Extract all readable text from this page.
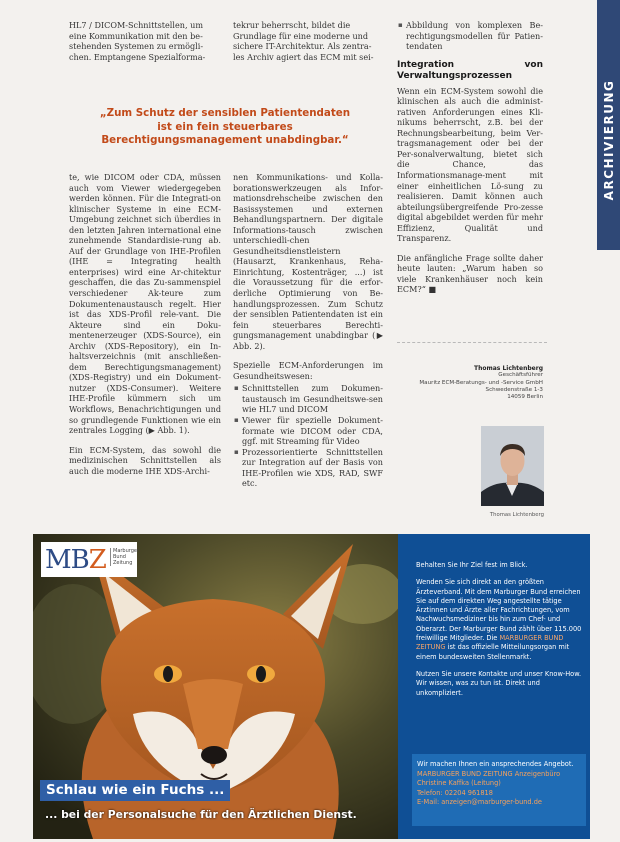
HL7 / DICOM-Schnittstellen, um
eine Kommunikation mit den be-
stehenden Systemen zu ermögli-
chen. Emptangene Spezialforma-
tekrur beherrscht, bildet die
Grundlage für eine moderne und
sichere IT-Architektur. Als zentra-
les Archiv agiert das ECM mit sei-
„Zum Schutz der sensiblen Patientendaten
ist ein fein steuerbares
Berechtigungsmanagement unabdingbar.“

te, wie DICOM oder CDA, müssen auch vom Viewer wiedergegeben werden können. Für die Integrati-on klinischer Systeme in eine ECM-Umgebung zeichnet sich überdies in den letzten Jahren international eine zunehmende Standardisie-rung ab. Auf der Grundlage von IHE-Profilen (IHE = Integrating health enterprises) wird eine Ar-chitektur geschaffen, die das Zu-sammenspiel verschiedener Ak-teure zum Dokumentenaustausch regelt. Hier ist das XDS-Profil rele-vant. Die Akteure sind ein Doku-mentenerzeuger (XDS-Source), ein Archiv (XDS-Repository), ein In-haltsverzeichnis (mit anschließen-dem Berechtigungsmanagement) (XDS-Registry) und ein Dokument-nutzer (XDS-Consumer). Weitere IHE-Profile kümmern sich um Workflows, Benachrichtigungen und so grundlegende Funktionen wie ein zentrales Logging (▶ Abb. 1).

Ein ECM-System, das sowohl die medizinischen Schnittstellen als auch die moderne IHE XDS-Archi-

nen Kommunikations- und Kolla-borationswerkzeugen als Infor-mationsdrehscheibe zwischen den Basissystemen und externen Behandlungspartnern. Der digitale Informations-tausch zwischen unterschiedli-chen Gesundheitsdienstleistern (Hausarzt, Krankenhaus, Reha-Einrichtung, Kostenträger, ...) ist die Voraussetzung für die erfor-derliche Optimierung von Be-handlungsprozessen. Zum Schutz der sensiblen Patientendaten ist ein fein steuerbares Berechti-gungsmanagement unabdingbar (▶ Abb. 2).

Spezielle ECM-Anforderungen im Gesundheitswesen:

▪ Schnittstellen zum Dokumen-taustausch im Gesundheitswe-sen wie HL7 und DICOM
▪ Viewer für spezielle Dokument-formate wie DICOM oder CDA, ggf. mit Streaming für Video
▪ Prozessorientierte Schnittstellen zur Integration auf der Basis von IHE-Profilen wie XDS, RAD, SWF etc.
▪ Abbildung von komplexen Be-rechtigungsmodellen für Patien-tendaten
Integration von Verwaltungsprozessen

Wenn ein ECM-System sowohl die klinischen als auch die administ-rativen Anforderungen eines Kli-nikums beherrscht, z.B. bei der Rechnungsbearbeitung, beim Ver-tragsmanagement oder bei der Per-sonalverwaltung, bietet sich die Chance, das Informationsmanage-ment mit einer einheitlichen Lö-sung zu realisieren. Damit können auch abteilungsübergreifende Pro-zesse digital abgebildet werden für mehr Effizienz, Qualität und Transparenz.

Die anfängliche Frage sollte daher heute lauten: „Warum haben so viele Krankenhäuser noch kein ECM?“ ■

Thomas Lichtenberg
Geschäftsführer
Mauritz ECM-Beratungs- und -Service GmbH
Schwedenstraße 1-3
14059 Berlin
Thomas Lichtenberg
ARCHIVIERUNG
MBZ Marburger
Bund
Zeitung
Schlau wie ein Fuchs ...
... bei der Personalsuche für den Ärztlichen Dienst.

Behalten Sie Ihr Ziel fest im Blick.

Wenden Sie sich direkt an den größten Ärzteverband. Mit dem Marburger Bund erreichen Sie auf dem direkten Weg angestellte tätige Ärztinnen und Ärzte aller Fachrichtungen, vom Nachwuchsmediziner bis hin zum Chef- und Oberarzt. Der Marburger Bund zählt über 115.000 freiwillige Mitglieder. Die MARBURGER BUND ZEITUNG ist das offizielle Mitteilungsorgan mit einem bundesweiten Stellenmarkt.

Nutzen Sie unsere Kontakte und unser Know-How. Wir wissen, was zu tun ist. Direkt und unkompliziert.

Wir machen Ihnen ein ansprechendes Angebot.
MARBURGER BUND ZEITUNG Anzeigenbüro
Christine Kaffka (Leitung)
Telefon: 02204 961818
E-Mail: anzeigen@marburger-bund.de
